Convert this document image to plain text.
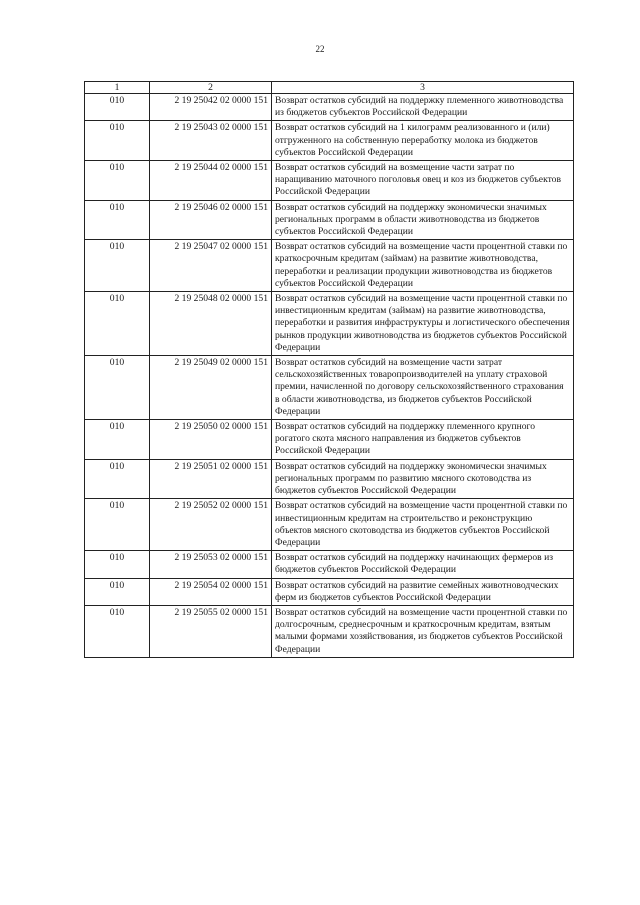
22
1	2	3
010	2 19 25042 02 0000 151	Возврат остатков субсидий на поддержку племенного животноводства из бюджетов субъектов Российской Федерации
010	2 19 25043 02 0000 151	Возврат остатков субсидий на 1 килограмм реализованного и (или) отгруженного на собственную переработку молока из бюджетов субъектов Российской Федерации
010	2 19 25044 02 0000 151	Возврат остатков субсидий на возмещение части затрат по наращиванию маточного поголовья овец и коз из бюджетов субъектов Российской Федерации
010	2 19 25046 02 0000 151	Возврат остатков субсидий на поддержку экономически значимых региональных программ в области животноводства из бюджетов субъектов Российской Федерации
010	2 19 25047 02 0000 151	Возврат остатков субсидий на возмещение части процентной ставки по краткосрочным кредитам (займам) на развитие животноводства, переработки и реализации продукции животноводства из бюджетов субъектов Российской Федерации
010	2 19 25048 02 0000 151	Возврат остатков субсидий на возмещение части процентной ставки по инвестиционным кредитам (займам) на развитие животноводства, переработки и развития инфраструктуры и логистического обеспечения рынков продукции животноводства из бюджетов субъектов Российской Федерации
010	2 19 25049 02 0000 151	Возврат остатков субсидий на возмещение части затрат сельскохозяйственных товаропроизводителей на уплату страховой премии, начисленной по договору сельскохозяйственного страхования в области животноводства, из бюджетов субъектов Российской Федерации
010	2 19 25050 02 0000 151	Возврат остатков субсидий на поддержку племенного крупного рогатого скота мясного направления из бюджетов субъектов Российской Федерации
010	2 19 25051 02 0000 151	Возврат остатков субсидий на поддержку экономически значимых региональных программ по развитию мясного скотоводства из бюджетов субъектов Российской Федерации
010	2 19 25052 02 0000 151	Возврат остатков субсидий на возмещение части процентной ставки по инвестиционным кредитам на строительство и реконструкцию объектов мясного скотоводства из бюджетов субъектов Российской Федерации
010	2 19 25053 02 0000 151	Возврат остатков субсидий на поддержку начинающих фермеров из бюджетов субъектов Российской Федерации
010	2 19 25054 02 0000 151	Возврат остатков субсидий на развитие семейных животноводческих ферм из бюджетов субъектов Российской Федерации
010	2 19 25055 02 0000 151	Возврат остатков субсидий на возмещение части процентной ставки по долгосрочным, среднесрочным и краткосрочным кредитам, взятым малыми формами хозяйствования, из бюджетов субъектов Российской Федерации
